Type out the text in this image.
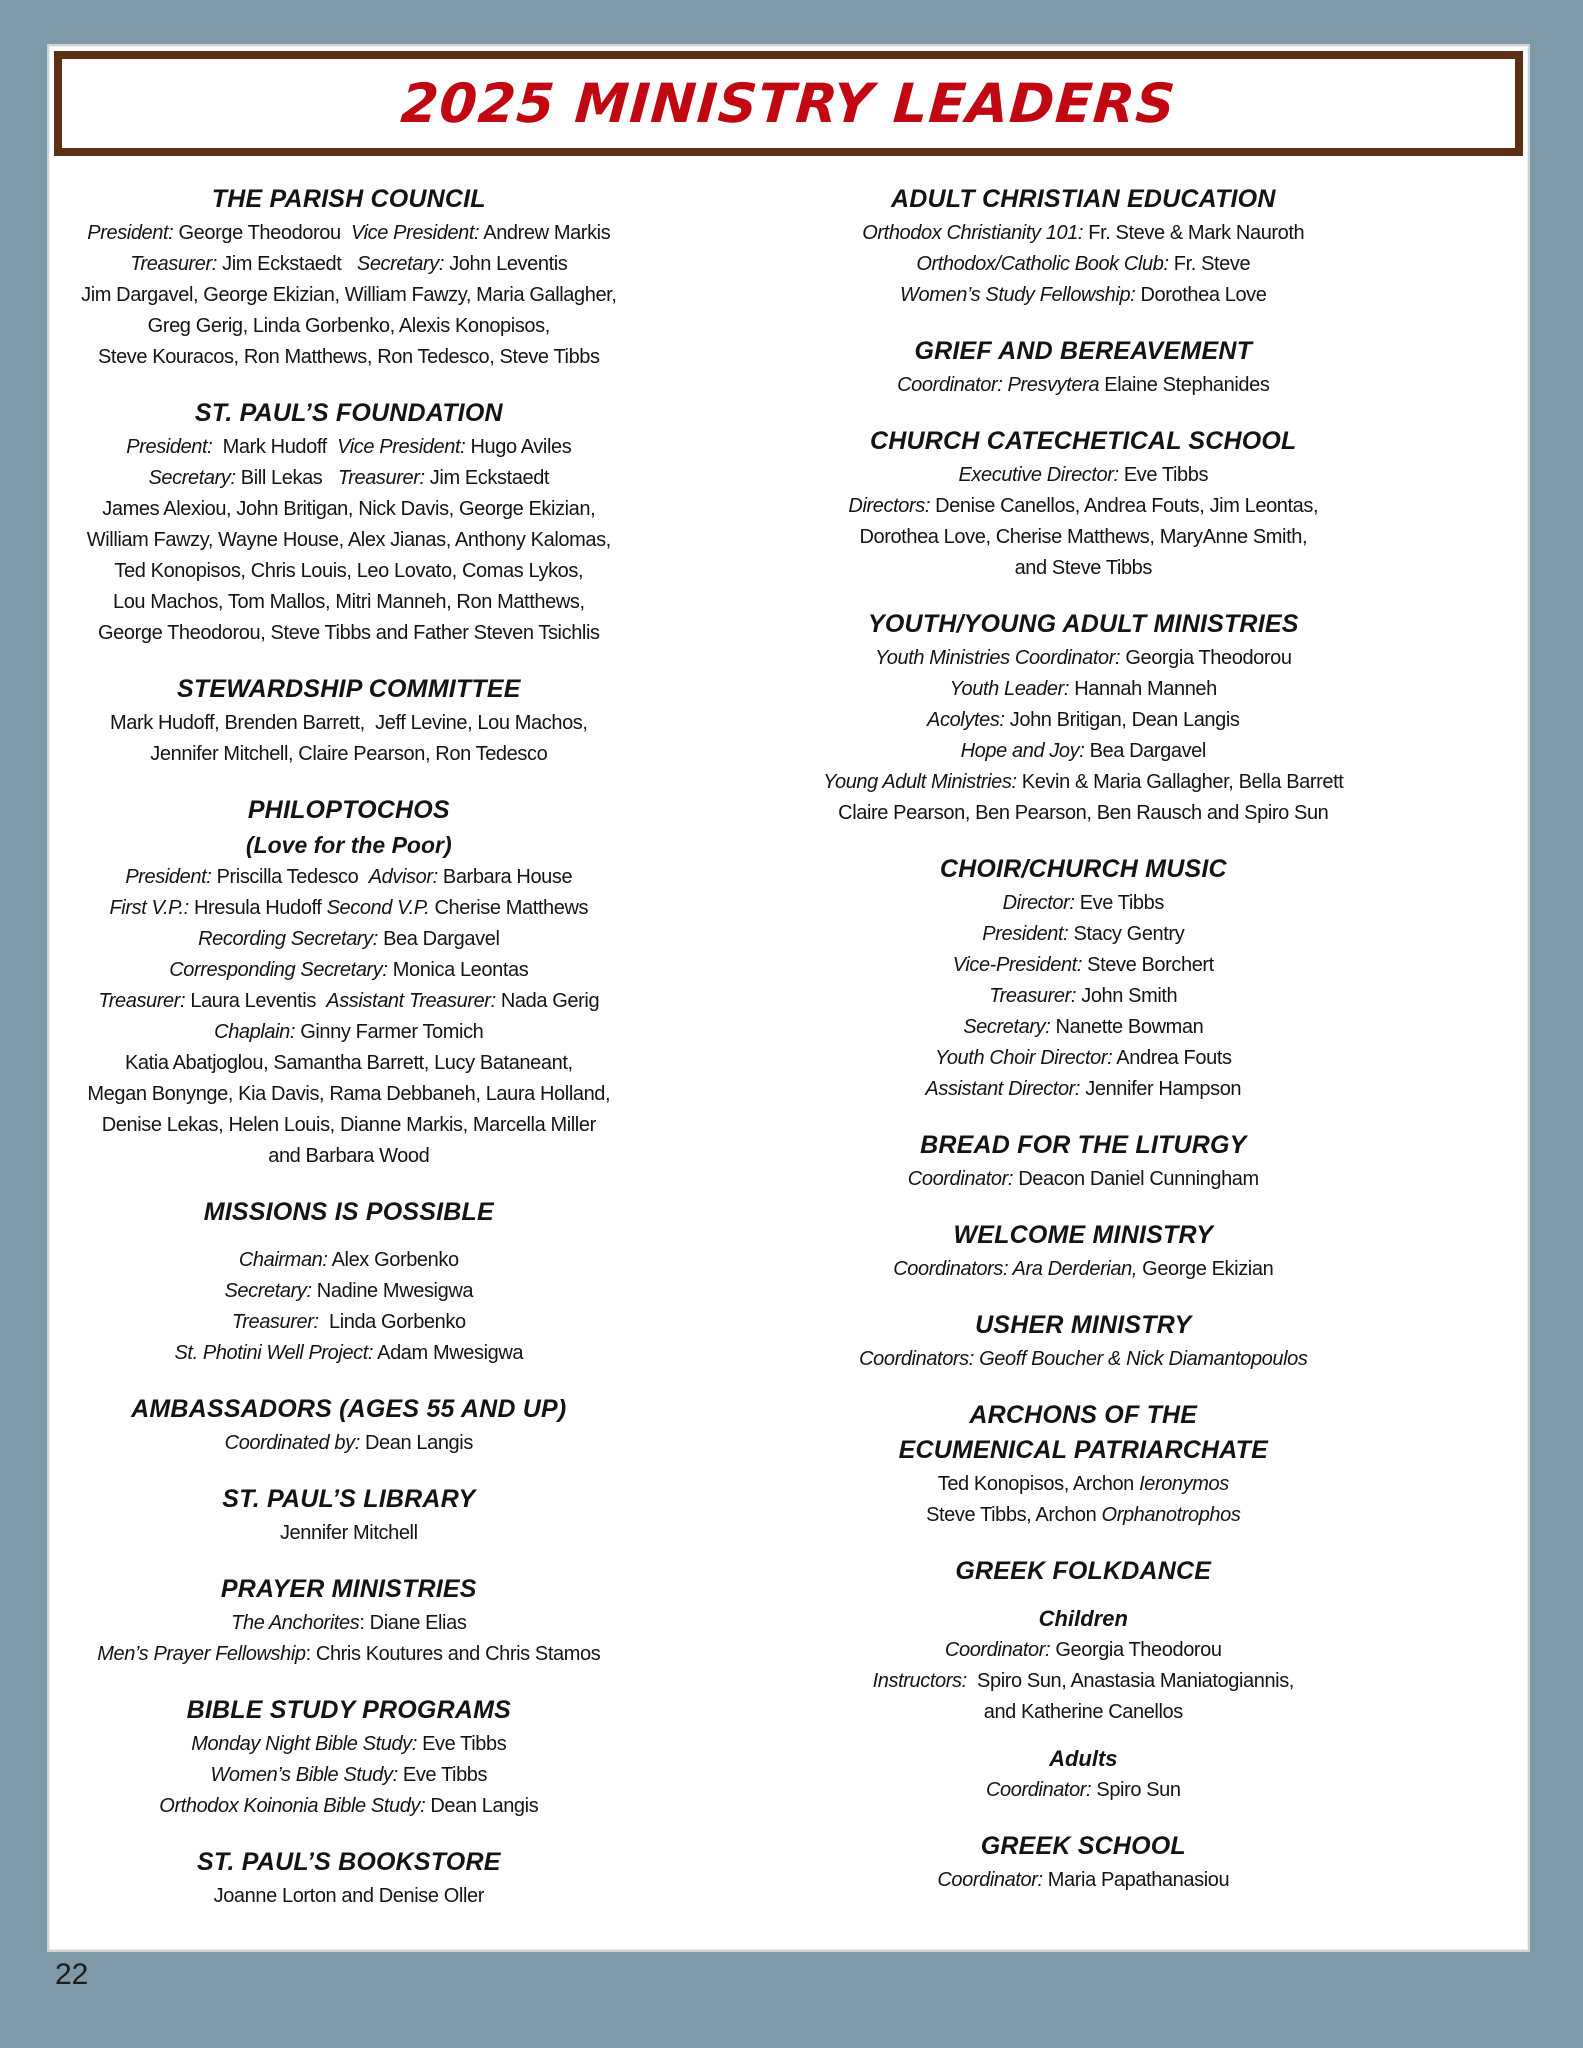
2025 MINISTRY LEADERS
THE PARISH COUNCIL
President: George Theodorou  Vice President: Andrew Markis
Treasurer: Jim Eckstaedt   Secretary: John Leventis
Jim Dargavel, George Ekizian, William Fawzy, Maria Gallagher,
Greg Gerig, Linda Gorbenko, Alexis Konopisos,
Steve Kouracos, Ron Matthews, Ron Tedesco, Steve Tibbs
ST. PAUL’S FOUNDATION
President:  Mark Hudoff  Vice President: Hugo Aviles
Secretary: Bill Lekas   Treasurer: Jim Eckstaedt
James Alexiou, John Britigan, Nick Davis, George Ekizian,
William Fawzy, Wayne House, Alex Jianas, Anthony Kalomas,
Ted Konopisos, Chris Louis, Leo Lovato, Comas Lykos,
Lou Machos, Tom Mallos, Mitri Manneh, Ron Matthews,
George Theodorou, Steve Tibbs and Father Steven Tsichlis
STEWARDSHIP COMMITTEE
Mark Hudoff, Brenden Barrett,  Jeff Levine, Lou Machos,
Jennifer Mitchell, Claire Pearson, Ron Tedesco
PHILOPTOCHOS
(Love for the Poor)
President: Priscilla Tedesco  Advisor: Barbara House
First V.P.: Hresula Hudoff Second V.P. Cherise Matthews
Recording Secretary: Bea Dargavel
Corresponding Secretary: Monica Leontas
Treasurer: Laura Leventis  Assistant Treasurer: Nada Gerig
Chaplain: Ginny Farmer Tomich
Katia Abatjoglou, Samantha Barrett, Lucy Bataneant,
Megan Bonynge, Kia Davis, Rama Debbaneh, Laura Holland,
Denise Lekas, Helen Louis, Dianne Markis, Marcella Miller
and Barbara Wood
MISSIONS IS POSSIBLE
Chairman: Alex Gorbenko
Secretary: Nadine Mwesigwa
Treasurer:  Linda Gorbenko
St. Photini Well Project: Adam Mwesigwa
AMBASSADORS (AGES 55 AND UP)
Coordinated by: Dean Langis
ST. PAUL’S LIBRARY
Jennifer Mitchell
PRAYER MINISTRIES
The Anchorites: Diane Elias
Men’s Prayer Fellowship: Chris Koutures and Chris Stamos
BIBLE STUDY PROGRAMS
Monday Night Bible Study: Eve Tibbs
Women’s Bible Study: Eve Tibbs
Orthodox Koinonia Bible Study: Dean Langis
ST. PAUL’S BOOKSTORE
Joanne Lorton and Denise Oller
ADULT CHRISTIAN EDUCATION
Orthodox Christianity 101: Fr. Steve & Mark Nauroth
Orthodox/Catholic Book Club: Fr. Steve
Women’s Study Fellowship: Dorothea Love
GRIEF AND BEREAVEMENT
Coordinator: Presvytera Elaine Stephanides
CHURCH CATECHETICAL SCHOOL
Executive Director: Eve Tibbs
Directors: Denise Canellos, Andrea Fouts, Jim Leontas,
Dorothea Love, Cherise Matthews, MaryAnne Smith,
and Steve Tibbs
YOUTH/YOUNG ADULT MINISTRIES
Youth Ministries Coordinator: Georgia Theodorou
Youth Leader: Hannah Manneh
Acolytes: John Britigan, Dean Langis
Hope and Joy: Bea Dargavel
Young Adult Ministries: Kevin & Maria Gallagher, Bella Barrett
Claire Pearson, Ben Pearson, Ben Rausch and Spiro Sun
CHOIR/CHURCH MUSIC
Director: Eve Tibbs
President: Stacy Gentry
Vice-President: Steve Borchert
Treasurer: John Smith
Secretary: Nanette Bowman
Youth Choir Director: Andrea Fouts
Assistant Director: Jennifer Hampson
BREAD FOR THE LITURGY
Coordinator: Deacon Daniel Cunningham
WELCOME MINISTRY
Coordinators: Ara Derderian, George Ekizian
USHER MINISTRY
Coordinators: Geoff Boucher & Nick Diamantopoulos
ARCHONS OF THE
ECUMENICAL PATRIARCHATE
Ted Konopisos, Archon Ieronymos
Steve Tibbs, Archon Orphanotrophos
GREEK FOLKDANCE
Children
Coordinator: Georgia Theodorou
Instructors:  Spiro Sun, Anastasia Maniatogiannis,
and Katherine Canellos
Adults
Coordinator: Spiro Sun
GREEK SCHOOL
Coordinator: Maria Papathanasiou
22
